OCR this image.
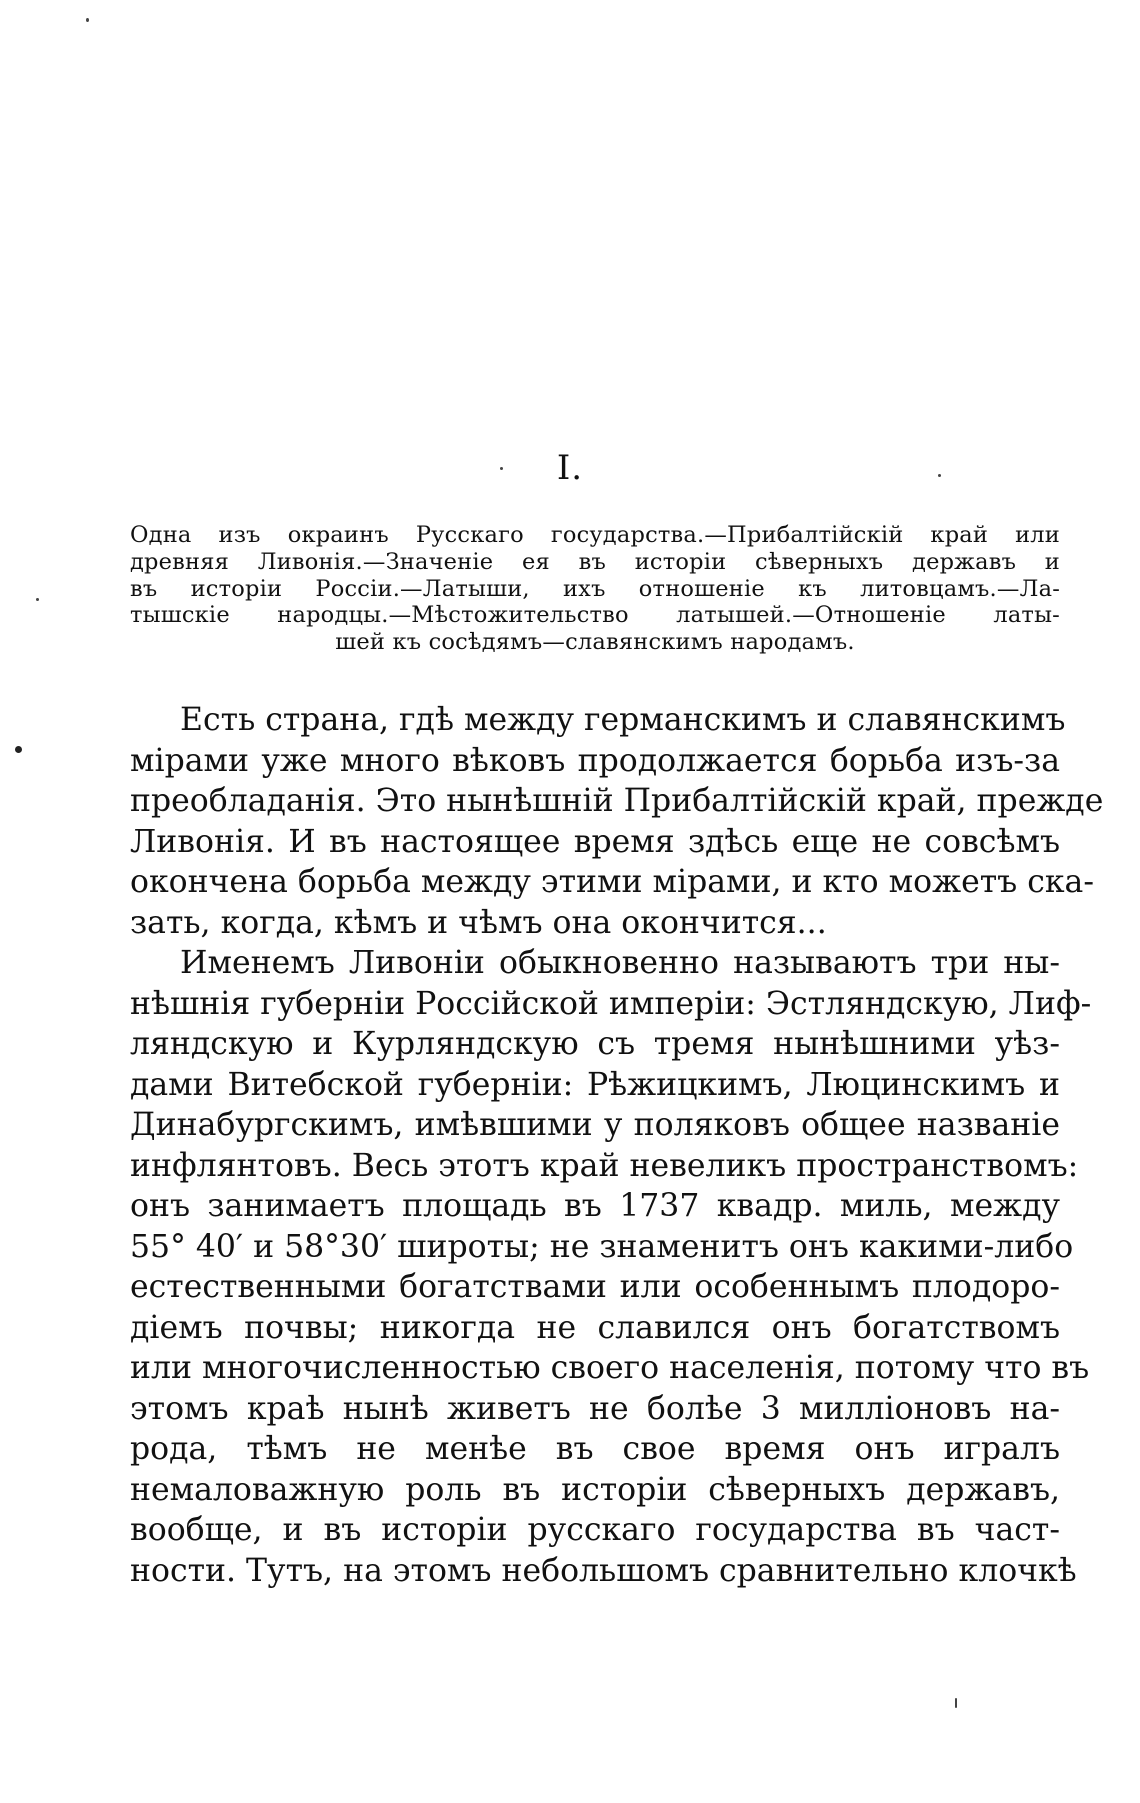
I.
Одна изъ окраинъ Русскаго государства.—Прибалтійскій край или
древняя Ливонія.—Значеніе ея въ исторіи сѣверныхъ державъ и
въ исторіи Россіи.—Латыши, ихъ отношеніе къ литовцамъ.—Ла-
тышскіе народцы.—Мѣстожительство латышей.—Отношеніе латы-
шей къ сосѣдямъ—славянскимъ народамъ.
Есть страна, гдѣ между германскимъ и славянскимъ
мірами уже много вѣковъ продолжается борьба изъ-за
преобладанія. Это нынѣшній Прибалтійскій край, прежде
Ливонія. И въ настоящее время здѣсь еще не совсѣмъ
окончена борьба между этими мірами, и кто можетъ ска-
зать, когда, кѣмъ и чѣмъ она окончится...
Именемъ Ливоніи обыкновенно называютъ три ны-
нѣшнія губерніи Россійской имперіи: Эстляндскую, Лиф-
ляндскую и Курляндскую съ тремя нынѣшними уѣз-
дами Витебской губерніи: Рѣжицкимъ, Люцинскимъ и
Динабургскимъ, имѣвшими у поляковъ общее названіе
инфлянтовъ. Весь этотъ край невеликъ пространствомъ:
онъ занимаетъ площадь въ 1737 квадр. миль, между
55° 40′ и 58°30′ широты; не знаменитъ онъ какими-либо
естественными богатствами или особеннымъ плодоро-
діемъ почвы; никогда не славился онъ богатствомъ
или многочисленностью своего населенія, потому что въ
этомъ краѣ нынѣ живетъ не болѣе 3 милліоновъ на-
рода, тѣмъ не менѣе въ свое время онъ игралъ
немаловажную роль въ исторіи сѣверныхъ державъ,
вообще, и въ исторіи русскаго государства въ част-
ности. Тутъ, на этомъ небольшомъ сравнительно клочкѣ
